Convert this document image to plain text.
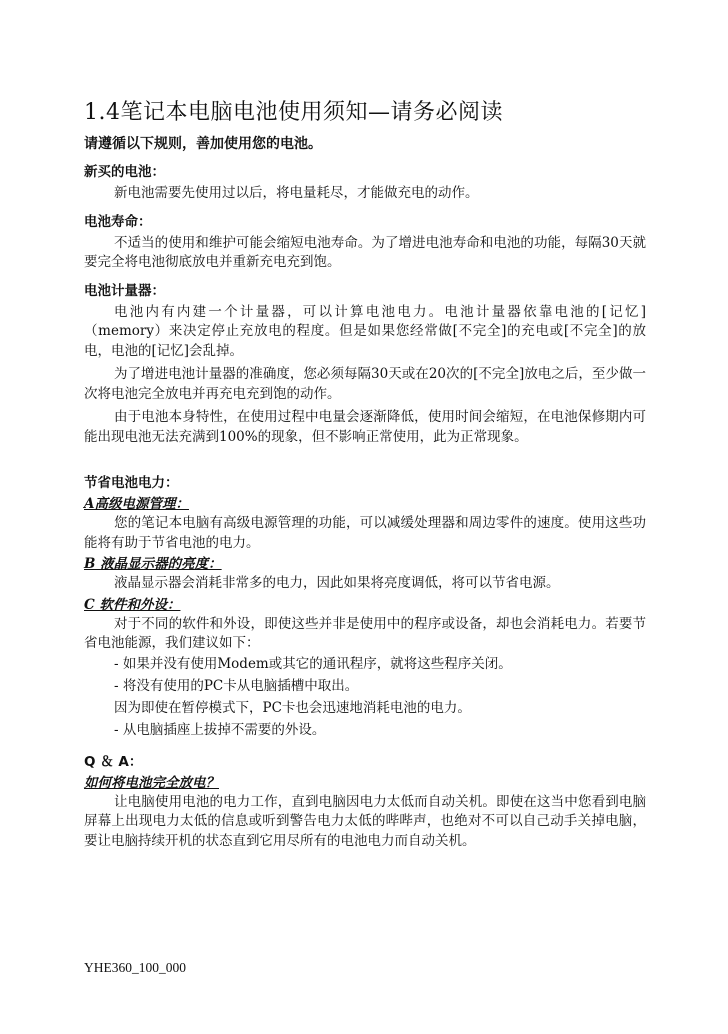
1.4笔记本电脑电池使用须知—请务必阅读
请遵循以下规则，善加使用您的电池。
新买的电池：

新电池需要先使用过以后，将电量耗尽，才能做充电的动作。

电池寿命：

不适当的使用和维护可能会缩短电池寿命。为了增进电池寿命和电池的功能，每隔30天就要完全将电池彻底放电并重新充电充到饱。

电池计量器：

电池内有内建一个计量器，可以计算电池电力。电池计量器依靠电池的[记忆]（memory）来决定停止充放电的程度。但是如果您经常做[不完全]的充电或[不完全]的放电，电池的[记忆]会乱掉。

为了增进电池计量器的准确度，您必须每隔30天或在20次的[不完全]放电之后，至少做一次将电池完全放电并再充电充到饱的动作。

由于电池本身特性，在使用过程中电量会逐渐降低，使用时间会缩短，在电池保修期内可能出现电池无法充满到100%的现象，但不影响正常使用，此为正常现象。

节省电池电力：
A高级电源管理：

您的笔记本电脑有高级电源管理的功能，可以减缓处理器和周边零件的速度。使用这些功能将有助于节省电池的电力。

B 液晶显示器的亮度：

液晶显示器会消耗非常多的电力，因此如果将亮度调低，将可以节省电源。

C 软件和外设：

对于不同的软件和外设，即使这些并非是使用中的程序或设备，却也会消耗电力。若要节省电池能源，我们建议如下：

- 如果并没有使用Modem或其它的通讯程序，就将这些程序关闭。
- 将没有使用的PC卡从电脑插槽中取出。
因为即使在暂停模式下，PC卡也会迅速地消耗电池的电力。
- 从电脑插座上拔掉不需要的外设。
Q ＆ A：
如何将电池完全放电？

让电脑使用电池的电力工作，直到电脑因电力太低而自动关机。即使在这当中您看到电脑屏幕上出现电力太低的信息或听到警告电力太低的哔哔声，也绝对不可以自己动手关掉电脑，要让电脑持续开机的状态直到它用尽所有的电池电力而自动关机。

YHE360_100_000
